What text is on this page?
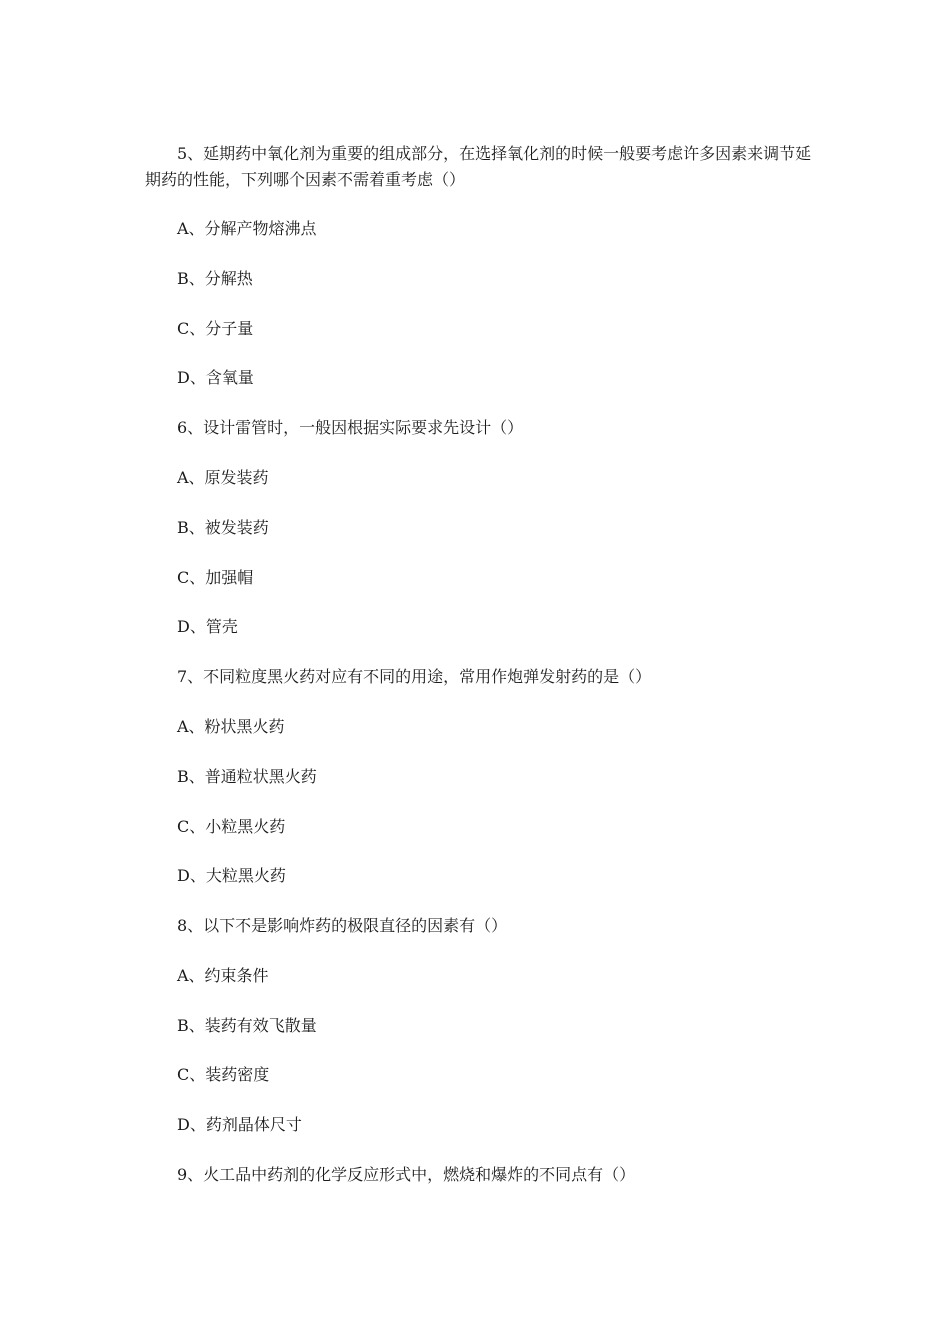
5、延期药中氧化剂为重要的组成部分，在选择氧化剂的时候一般要考虑许多因素来调节延期药的性能，下列哪个因素不需着重考虑（）

A、分解产物熔沸点

B、分解热

C、分子量

D、含氧量

6、设计雷管时，一般因根据实际要求先设计（）

A、原发装药

B、被发装药

C、加强帽

D、管壳

7、不同粒度黑火药对应有不同的用途，常用作炮弹发射药的是（）

A、粉状黑火药

B、普通粒状黑火药

C、小粒黑火药

D、大粒黑火药

8、以下不是影响炸药的极限直径的因素有（）

A、约束条件

B、装药有效飞散量

C、装药密度

D、药剂晶体尺寸

9、火工品中药剂的化学反应形式中，燃烧和爆炸的不同点有（）
